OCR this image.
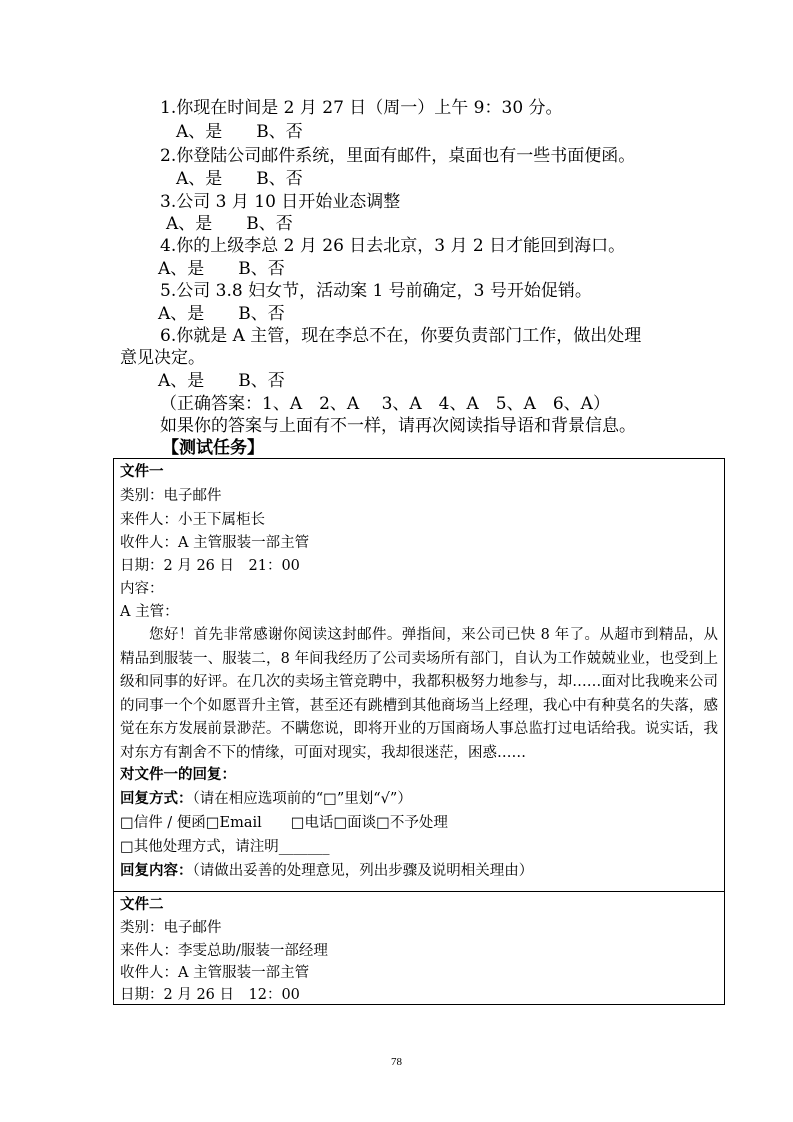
1.你现在时间是 2 月 27 日（周一）上午 9：30 分。
A、是　　B、否
2.你登陆公司邮件系统，里面有邮件，桌面也有一些书面便函。
A、是　　B、否
3.公司 3 月 10 日开始业态调整
A、是　　B、否
4.你的上级李总 2 月 26 日去北京，3 月 2 日才能回到海口。
A、是　　B、否
5.公司 3.8 妇女节，活动案 1 号前确定，3 号开始促销。
A、是　　B、否
6.你就是 A 主管，现在李总不在，你要负责部门工作，做出处理
意见决定。
A、是　　B、否
（正确答案：1、A　2、A　 3、A　4、A　5、A　6、A）
如果你的答案与上面有不一样，请再次阅读指导语和背景信息。
【测试任务】
文件一
类别：电子邮件
来件人：小王下属柜长
收件人：A 主管服装一部主管
日期：2 月 26 日　21：00
内容：
A 主管：
您好！首先非常感谢你阅读这封邮件。弹指间，来公司已快 8 年了。从超市到精品，从精品到服装一、服装二，8 年间我经历了公司卖场所有部门，自认为工作兢兢业业，也受到上级和同事的好评。在几次的卖场主管竞聘中，我都积极努力地参与，却……面对比我晚来公司的同事一个个如愿晋升主管，甚至还有跳槽到其他商场当上经理，我心中有种莫名的失落，感觉在东方发展前景渺茫。不瞒您说，即将开业的万国商场人事总监打过电话给我。说实话，我对东方有割舍不下的情缘，可面对现实，我却很迷茫，困惑……
对文件一的回复：
回复方式：（请在相应选项前的“□”里划“√”）
□信件 / 便函□Email　　□电话□面谈□不予处理
□其他处理方式，请注明_______
回复内容：（请做出妥善的处理意见，列出步骤及说明相关理由）
文件二
类别：电子邮件
来件人：李雯总助/服装一部经理
收件人：A 主管服装一部主管
日期：2 月 26 日　12：00
78
